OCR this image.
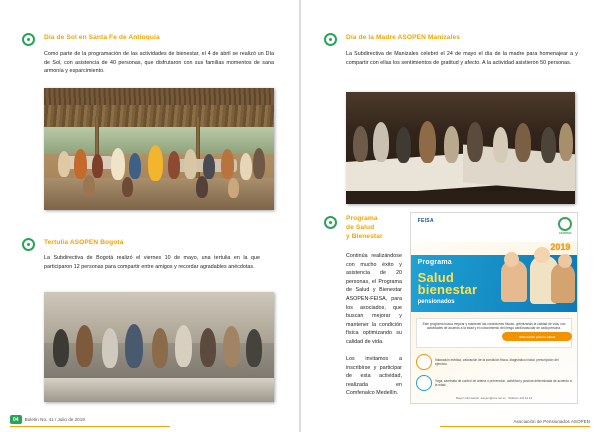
Día de Sol en Santa Fe de Antioquia
Como parte de la programación de las actividades de bienestar, el 4 de abril se realizó un Día de Sol, con asistencia de 40 personas, que disfrutaron con sus familias momentos de sana armonía y esparcimiento.
Tertulia ASOPEN Bogotá
La Subdirectiva de Bogotá realizó el viernes 10 de mayo, una tertulia en la que participaron 12 personas para compartir entre amigos y recordar agradables anécdotas.
04	Boletín No. 41 / Julio de 2019
Día de la Madre ASOPEN Manizales
La Subdirectiva de Manizales celebró el 24 de mayo el día de la madre para homenajear a y compartir con ellas los sentimientos de gratitud y afecto. A la actividad asistieron 50 personas.
Programa
de Salud
y Bienestar
Continúa realizándose con mucho éxito y asistencia de 20 personas, el Programa de Salud y Bienestar ASOPEN-FEISA, para los asociados, que buscan mejorar y mantener la condición física optimizando su calidad de vida.
Los invitamos a inscribirse y participar de esta actividad, realizada en Comfenalco Medellín.
FEISA
ASOPEN
2019
Programa
Salud
bienestar
pensionados
Este programa busca mejorar y mantener las condiciones físicas, optimizando la calidad de vida, con actividades de acuerdo a la edad y el conocimiento del riesgo cardiovascular de cada persona.
Educación para la salud
Valoración médica, valoración de la condición física, diagnóstico inicial, prescripción del ejercicio.
Yoga, caminata de control de arteria o prevención, actividad y postura determinada de acuerdo a la edad.
Mayor información: asopen@une.net.co - Teléfono 444 44 44
Asociación de Pensionados ASOPEN
